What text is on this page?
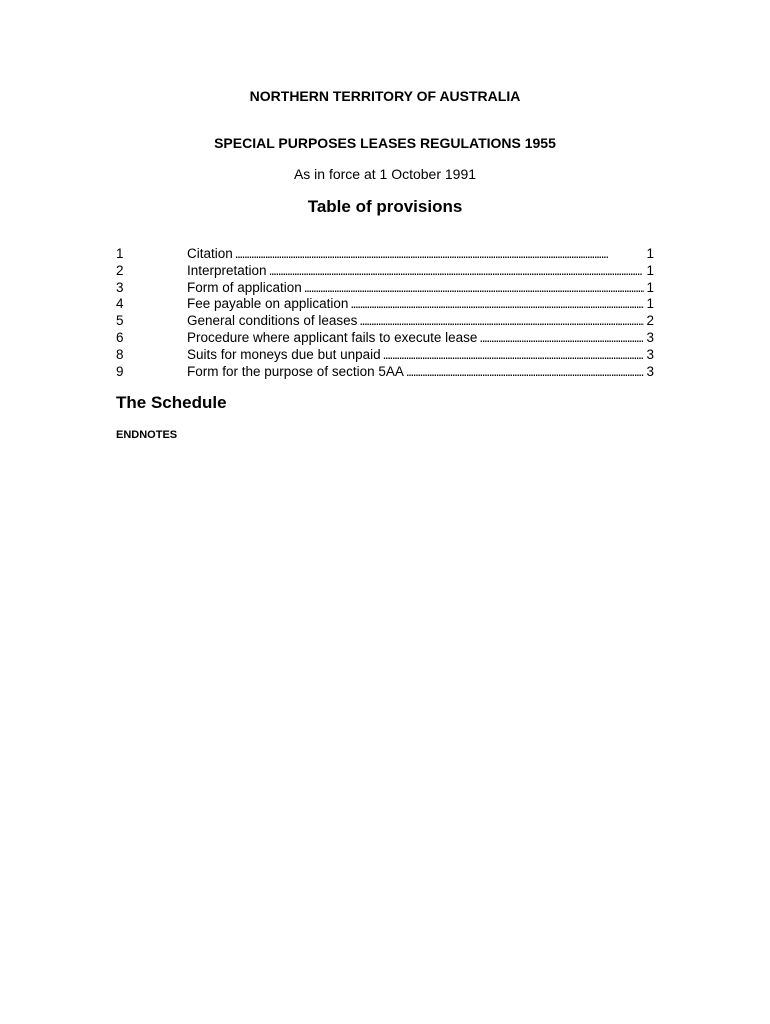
NORTHERN TERRITORY OF AUSTRALIA
SPECIAL PURPOSES LEASES REGULATIONS 1955
As in force at 1 October 1991
Table of provisions
1	Citation . . .	1
2	Interpretation . . .	1
3	Form of application . . .	1
4	Fee payable on application . . .	1
5	General conditions of leases . . .	2
6	Procedure where applicant fails to execute lease . . .	3
8	Suits for moneys due but unpaid . . .	3
9	Form for the purpose of section 5AA . . .	3
The Schedule
ENDNOTES
